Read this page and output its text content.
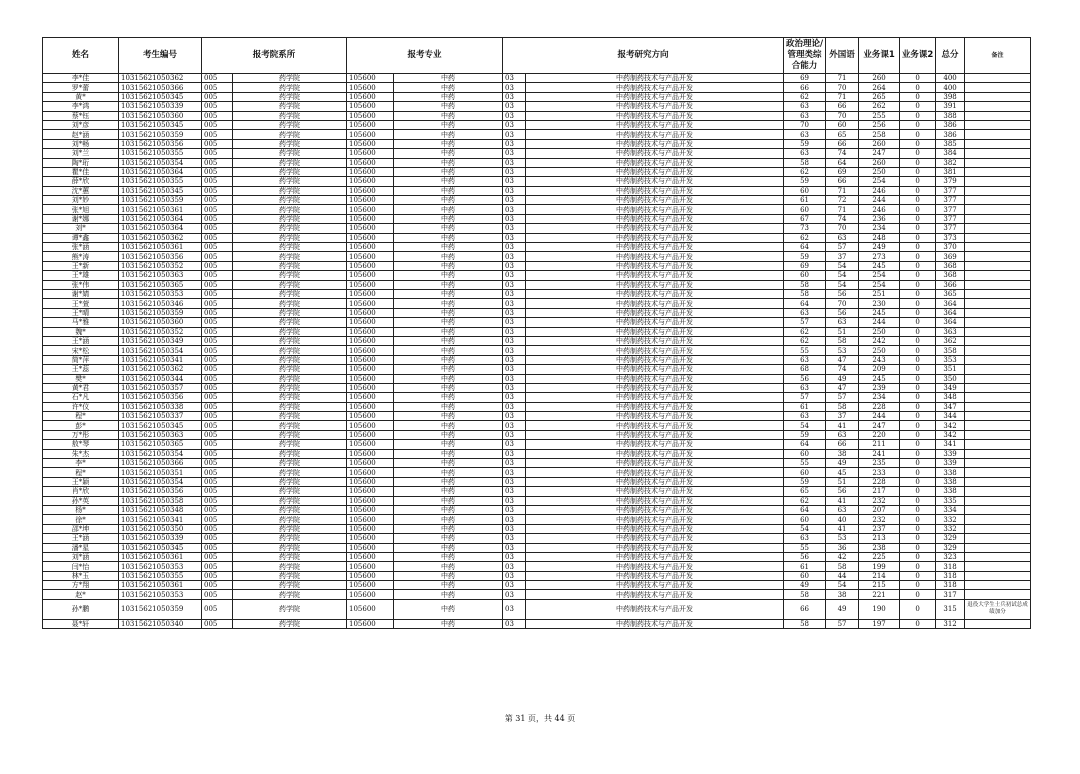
姓名	考生编号	报考院系所		报考专业		报考研究方向		政治理论/管理类综合能力	外国语	业务课1	业务课2	总分	备注
李*佳	10315621050362	005	药学院	105600	中药	03	中药制药技术与产品开发	69	71	260	0	400	
罗*蕾	10315621050366	005	药学院	105600	中药	03	中药制药技术与产品开发	66	70	264	0	400	
黄*	10315621050345	005	药学院	105600	中药	03	中药制药技术与产品开发	62	71	265	0	398	
李*鸿	10315621050339	005	药学院	105600	中药	03	中药制药技术与产品开发	63	66	262	0	391	
蔡*钰	10315621050360	005	药学院	105600	中药	03	中药制药技术与产品开发	63	70	255	0	388	
刘*彦	10315621050345	005	药学院	105600	中药	03	中药制药技术与产品开发	70	60	256	0	386	
赵*涵	10315621050359	005	药学院	105600	中药	03	中药制药技术与产品开发	63	65	258	0	386	
刘*畅	10315621050356	005	药学院	105600	中药	03	中药制药技术与产品开发	59	66	260	0	385	
刘*兰	10315621050355	005	药学院	105600	中药	03	中药制药技术与产品开发	63	74	247	0	384	
陶*珩	10315621050354	005	药学院	105600	中药	03	中药制药技术与产品开发	58	64	260	0	382	
瞿*佳	10315621050364	005	药学院	105600	中药	03	中药制药技术与产品开发	62	69	250	0	381	
薛*欣	10315621050355	005	药学院	105600	中药	03	中药制药技术与产品开发	59	66	254	0	379	
沈*蕙	10315621050345	005	药学院	105600	中药	03	中药制药技术与产品开发	60	71	246	0	377	
刘*妙	10315621050359	005	药学院	105600	中药	03	中药制药技术与产品开发	61	72	244	0	377	
张*旭	10315621050361	005	药学院	105600	中药	03	中药制药技术与产品开发	60	71	246	0	377	
谢*娜	10315621050364	005	药学院	105600	中药	03	中药制药技术与产品开发	67	74	236	0	377	
刘*	10315621050364	005	药学院	105600	中药	03	中药制药技术与产品开发	73	70	234	0	377	
谭*鑫	10315621050362	005	药学院	105600	中药	03	中药制药技术与产品开发	62	63	248	0	373	
张*涵	10315621050361	005	药学院	105600	中药	03	中药制药技术与产品开发	64	57	249	0	370	
熊*涛	10315621050356	005	药学院	105600	中药	03	中药制药技术与产品开发	59	37	273	0	369	
王*新	10315621050352	005	药学院	105600	中药	03	中药制药技术与产品开发	69	54	245	0	368	
王*雄	10315621050363	005	药学院	105600	中药	03	中药制药技术与产品开发	60	54	254	0	368	
张*伟	10315621050365	005	药学院	105600	中药	03	中药制药技术与产品开发	58	54	254	0	366	
谢*婧	10315621050353	005	药学院	105600	中药	03	中药制药技术与产品开发	58	56	251	0	365	
王*萱	10315621050346	005	药学院	105600	中药	03	中药制药技术与产品开发	64	70	230	0	364	
王*晴	10315621050359	005	药学院	105600	中药	03	中药制药技术与产品开发	63	56	245	0	364	
马*雅	10315621050360	005	药学院	105600	中药	03	中药制药技术与产品开发	57	63	244	0	364	
魏*	10315621050352	005	药学院	105600	中药	03	中药制药技术与产品开发	62	51	250	0	363	
王*涵	10315621050349	005	药学院	105600	中药	03	中药制药技术与产品开发	62	58	242	0	362	
宋*松	10315621050354	005	药学院	105600	中药	03	中药制药技术与产品开发	55	53	250	0	358	
简*萍	10315621050341	005	药学院	105600	中药	03	中药制药技术与产品开发	63	47	243	0	353	
王*蕊	10315621050362	005	药学院	105600	中药	03	中药制药技术与产品开发	68	74	209	0	351	
樊*	10315621050344	005	药学院	105600	中药	03	中药制药技术与产品开发	56	49	245	0	350	
黄*君	10315621050357	005	药学院	105600	中药	03	中药制药技术与产品开发	63	47	239	0	349	
石*凡	10315621050356	005	药学院	105600	中药	03	中药制药技术与产品开发	57	57	234	0	348	
许*仪	10315621050338	005	药学院	105600	中药	03	中药制药技术与产品开发	61	58	228	0	347	
程*	10315621050337	005	药学院	105600	中药	03	中药制药技术与产品开发	63	37	244	0	344	
彭*	10315621050345	005	药学院	105600	中药	03	中药制药技术与产品开发	54	41	247	0	342	
万*彤	10315621050363	005	药学院	105600	中药	03	中药制药技术与产品开发	59	63	220	0	342	
敖*琴	10315621050365	005	药学院	105600	中药	03	中药制药技术与产品开发	64	66	211	0	341	
朱*杰	10315621050354	005	药学院	105600	中药	03	中药制药技术与产品开发	60	38	241	0	339	
李*	10315621050366	005	药学院	105600	中药	03	中药制药技术与产品开发	55	49	235	0	339	
程*	10315621050351	005	药学院	105600	中药	03	中药制药技术与产品开发	60	45	233	0	338	
王*颖	10315621050354	005	药学院	105600	中药	03	中药制药技术与产品开发	59	51	228	0	338	
肖*欣	10315621050356	005	药学院	105600	中药	03	中药制药技术与产品开发	65	56	217	0	338	
孙*英	10315621050358	005	药学院	105600	中药	03	中药制药技术与产品开发	62	41	232	0	335	
杨*	10315621050348	005	药学院	105600	中药	03	中药制药技术与产品开发	64	63	207	0	334	
徐*	10315621050341	005	药学院	105600	中药	03	中药制药技术与产品开发	60	40	232	0	332	
邵*坤	10315621050350	005	药学院	105600	中药	03	中药制药技术与产品开发	54	41	237	0	332	
王*涵	10315621050339	005	药学院	105600	中药	03	中药制药技术与产品开发	63	53	213	0	329	
潘*星	10315621050345	005	药学院	105600	中药	03	中药制药技术与产品开发	55	36	238	0	329	
刘*涵	10315621050361	005	药学院	105600	中药	03	中药制药技术与产品开发	56	42	225	0	323	
闫*怡	10315621050353	005	药学院	105600	中药	03	中药制药技术与产品开发	61	58	199	0	318	
林*玉	10315621050355	005	药学院	105600	中药	03	中药制药技术与产品开发	60	44	214	0	318	
方*翔	10315621050361	005	药学院	105600	中药	03	中药制药技术与产品开发	49	54	215	0	318	
赵*	10315621050353	005	药学院	105600	中药	03	中药制药技术与产品开发	58	38	221	0	317	
孙*鹏	10315621050359	005	药学院	105600	中药	03	中药制药技术与产品开发	66	49	190	0	315	退役大学生士兵初试总成绩加分
聂*轩	10315621050340	005	药学院	105600	中药	03	中药制药技术与产品开发	58	57	197	0	312	
第 31 页，共 44 页
